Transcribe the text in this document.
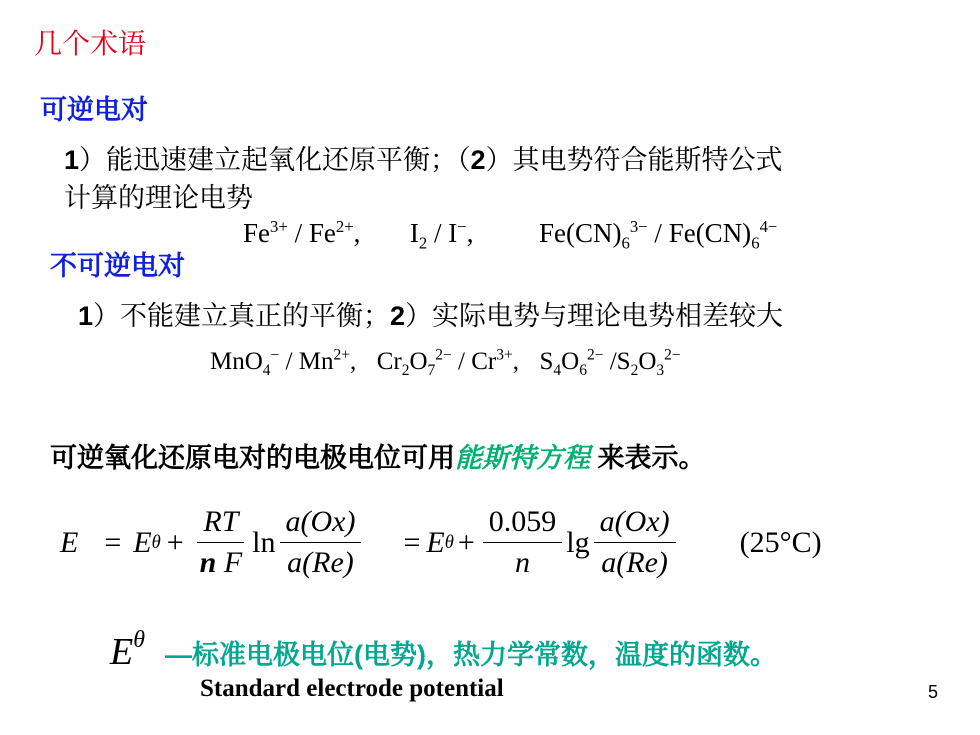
几个术语
可逆电对
1）能迅速建立起氧化还原平衡；（2）其电势符合能斯特公式
计算的理论电势
$Fe^{3+} / Fe^{2+}$, $I_2 / I^-$, $Fe(CN)_6^{3-} / Fe(CN)_6^{4-}$
不可逆电对
1）不能建立真正的平衡；2）实际电势与理论电势相差较大
$MnO_4^- / Mn^{2+}$, $Cr_2O_7^{2-} / Cr^{3+}$, $S_4O_6^{2-}$ $/S_2O_3^{2-}$
可逆氧化还原电对的电极电位可用能斯特方程 来表示。
E = E $\theta + \frac{RT}{\text{n F}}$ $\ln \frac{a(Ox)}{a(Re)} = E$ $\theta + \frac{0.059}{n}$ $\lg \frac{a(Ox)}{a(Re)} (25^\circ C)$
$E^\theta$ —标准电极电位(电势)，热力学常数，温度的函数。
Standard electrode potential	5
